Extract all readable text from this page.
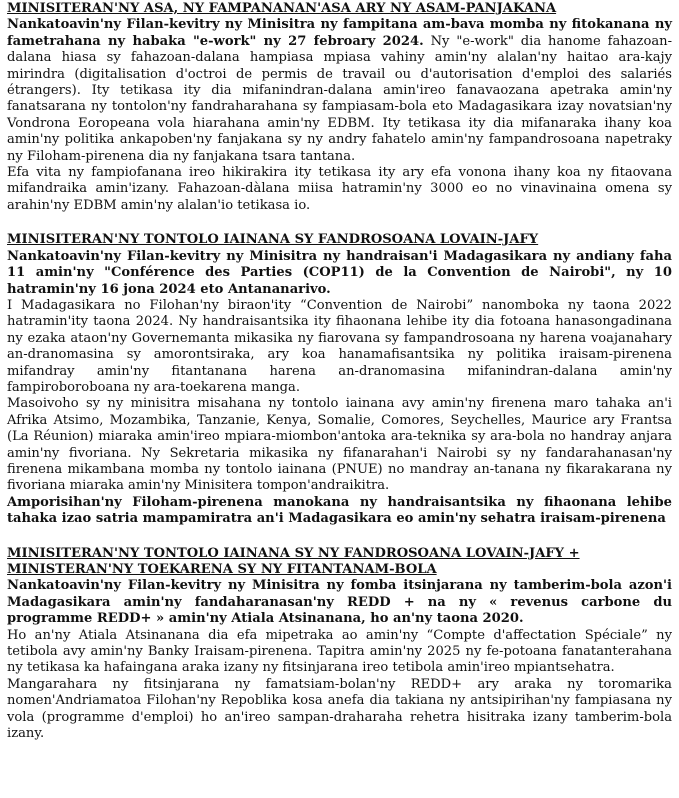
MINISITERAN'NY ASA, NY FAMPANANAN'ASA ARY NY ASAM-PANJAKANA

Nankatoavin'ny Filan-kevitry ny Minisitra ny fampitana am-bava momba ny fitokanana ny fametrahana ny habaka "e-work" ny 27 febroary 2024. Ny "e-work" dia hanome fahazoan-dalana hiasa sy fahazoan-dalana hampiasa mpiasa vahiny amin'ny alalan'ny haitao ara-kajy mirindra (digitalisation d'octroi de permis de travail ou d'autorisation d'emploi des salariés étrangers). Ity tetikasa ity dia mifanindran-dalana amin'ireo fanavaozana apetraka amin'ny fanatsarana ny tontolon'ny fandraharahana sy fampiasam-bola eto Madagasikara izay novatsian'ny Vondrona Eoropeana vola hiarahana amin'ny EDBM. Ity tetikasa ity dia mifanaraka ihany koa amin'ny politika ankapoben'ny fanjakana sy ny andry fahatelo amin'ny fampandrosoana napetraky ny Filoham-pirenena dia ny fanjakana tsara tantana.

Efa vita ny fampiofanana ireo hikirakira ity tetikasa ity ary efa vonona ihany koa ny fitaovana mifandraika amin'izany. Fahazoan-dàlana miisa hatramin'ny 3000 eo no vinavinaina omena sy arahin'ny EDBM amin'ny alalan'io tetikasa io.

MINISITERAN'NY TONTOLO IAINANA SY FANDROSOANA LOVAIN-JAFY

Nankatoavin'ny Filan-kevitry ny Minisitra ny handraisan'i Madagasikara ny andiany faha 11 amin'ny "Conférence des Parties (COP11) de la Convention de Nairobi", ny 10 hatramin'ny 16 jona 2024 eto Antananarivo.

I Madagasikara no Filohan'ny biraon'ity “Convention de Nairobi” nanomboka ny taona 2022 hatramin'ity taona 2024. Ny handraisantsika ity fihaonana lehibe ity dia fotoana hanasongadinana ny ezaka ataon'ny Governemanta mikasika ny fiarovana sy fampandrosoana ny harena voajanahary an-dranomasina sy amorontsiraka, ary koa hanamafisantsika ny politika iraisam-pirenena mifandray amin'ny fitantanana harena an-dranomasina mifanindran-dalana amin'ny fampiroboroboana ny ara-toekarena manga.

Masoivoho sy ny minisitra misahana ny tontolo iainana avy amin'ny firenena maro tahaka an'i Afrika Atsimo, Mozambika, Tanzanie, Kenya, Somalie, Comores, Seychelles, Maurice ary Frantsa (La Réunion) miaraka amin'ireo mpiara-miombon'antoka ara-teknika sy ara-bola no handray anjara amin'ny fivoriana. Ny Sekretaria mikasika ny fifanarahan'i Nairobi sy ny fandarahanasan'ny firenena mikambana momba ny tontolo iainana (PNUE) no mandray an-tanana ny fikarakarana ny fivoriana miaraka amin'ny Minisitera tompon'andraikitra.

Amporisihan'ny Filoham-pirenena manokana ny handraisantsika ny fihaonana lehibe tahaka izao satria mampamiratra an'i Madagasikara eo amin'ny sehatra iraisam-pirenena

MINISITERAN'NY TONTOLO IAINANA SY NY FANDROSOANA LOVAIN-JAFY + MINISTERAN'NY TOEKARENA SY NY FITANTANAM-BOLA

Nankatoavin'ny Filan-kevitry ny Minisitra ny fomba itsinjarana ny tamberim-bola azon'i Madagasikara amin'ny fandaharanasan'ny REDD + na ny « revenus carbone du programme REDD+ » amin'ny Atiala Atsinanana, ho an'ny taona 2020.

Ho an'ny Atiala Atsinanana dia efa mipetraka ao amin'ny “Compte d'affectation Spéciale” ny tetibola avy amin'ny Banky Iraisam-pirenena. Tapitra amin'ny 2025 ny fe-potoana fanatanterahana ny tetikasa ka hafaingana araka izany ny fitsinjarana ireo tetibola amin'ireo mpiantsehatra.

Mangarahara ny fitsinjarana ny famatsiam-bolan'ny REDD+ ary araka ny toromarika nomen'Andriamatoa Filohan'ny Repoblika kosa anefa dia takiana ny antsipirihan'ny fampiasana ny vola (programme d'emploi) ho an'ireo sampan-draharaha rehetra hisitraka izany tamberim-bola izany.
